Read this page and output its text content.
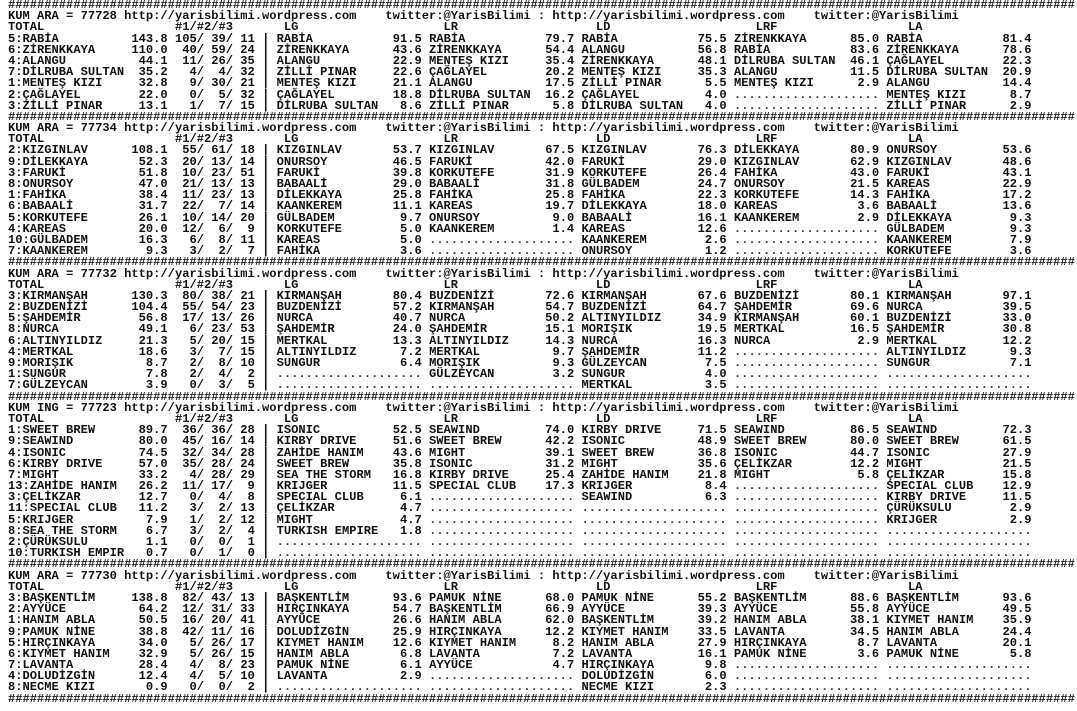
###################################################################################################################################################
KUM ARA = 77728 http://yarisbilimi.wordpress.com twitter:@YarisBilimi : http://yarisbilimi.wordpress.com twitter:@YarisBilimi
TOTAL	#1/#2/#3	LG	LR	LD	LRF	LA
5:RABİA	143.8 105/ 39/ 11 | RABİA	91.5 RABİA	79.7 RABİA	75.5 ZİRENKKAYA	85.0 RABİA	81.4
6:ZİRENKKAYA	110.0 40/ 59/ 24 | ZİRENKKAYA	43.6 ZİRENKKAYA	54.4 ALANGU	56.8 RABİA	83.6 ZİRENKKAYA	78.6
4:ALANGU	44.1 11/ 26/ 35 | ALANGU	22.9 MENTEŞ KIZI	35.4 ZİRENKKAYA	48.1 DİLRUBA SULTAN 46.1 ÇAĞLAYEL	22.3
7:DİLRUBA SULTAN 35.2 4/ 4/ 32 | ZİLLİ PINAR	22.6 ÇAĞLAYEL	20.2 MENTEŞ KIZI	35.3 ALANGU	11.5 DİLRUBA SULTAN 20.9
1:MENTEŞ KIZI	32.8 9/ 30/ 21 | MENTEŞ KIZI	21.1 ALANGU	17.5 ZİLLİ PINAR	5.5 MENTEŞ KIZI	2.9 ALANGU	14.4
2:ÇAĞLAYEL	22.0 0/ 5/ 32 | ÇAĞLAYEL	18.8 DİLRUBA SULTAN 16.2 ÇAĞLAYEL	4.0 .................... MENTEŞ KIZI	8.7
3:ZİLLİ PINAR	13.1 1/ 7/ 15 | DİLRUBA SULTAN 8.6 ZİLLİ PINAR	5.8 DİLRUBA SULTAN 4.0 .................... ZİLLİ PINAR	2.9
###################################################################################################################################################
KUM ARA = 77734 http://yarisbilimi.wordpress.com twitter:@YarisBilimi : http://yarisbilimi.wordpress.com twitter:@YarisBilimi
TOTAL	#1/#2/#3	LG	LR	LD	LRF	LA
2:KIZGINLAV	108.1 55/ 61/ 18 | KIZGINLAV	53.7 KIZGINLAV	67.5 KIZGINLAV	76.3 DİLEKKAYA	80.9 ONURSOY	53.6
9:DİLEKKAYA	52.3 20/ 13/ 14 | ONURSOY	46.5 FARUKİ	42.0 FARUKİ	29.0 KIZGINLAV	62.9 KIZGINLAV	48.6
3:FARUKİ	51.8 10/ 23/ 51 | FARUKİ	39.8 KORKUTEFE	31.9 KORKUTEFE	26.4 FAHİKA	43.0 FARUKİ	43.1
8:ONURSOY	47.0 21/ 13/ 13 | BABAALİ	29.0 BABAALİ	31.8 GÜLBADEM	24.7 ONURSOY	21.5 KAREAS	22.9
1:FAHİKA	38.4 11/ 23/ 13 | DİLEKKAYA	25.8 FAHİKA	25.8 FAHİKA	22.3 KORKUTEFE	14.3 FAHİKA	17.2
6:BABAALİ	31.7 22/ 7/ 14 | KAANKEREM	11.1 KAREAS	19.7 DİLEKKAYA	18.0 KAREAS	3.6 BABAALİ	13.6
5:KORKUTEFE	26.1 10/ 14/ 20 | GÜLBADEM	9.7 ONURSOY	9.0 BABAALİ	16.1 KAANKEREM	2.9 DİLEKKAYA	9.3
4:KAREAS	20.0 12/ 6/ 9 | KORKUTEFE	5.0 KAANKEREM	1.4 KAREAS	12.6 .................... GÜLBADEM	9.3
10:GÜLBADEM	16.3 6/ 8/ 11 | KAREAS	5.0 .................... KAANKEREM	2.6 .................... KAANKEREM	7.9
7:KAANKEREM	9.3 3/ 2/ 7 | FAHİKA	3.6 .................... ONURSOY	1.2 .................... KORKUTEFE	3.6
###################################################################################################################################################
KUM ARA = 77732 http://yarisbilimi.wordpress.com twitter:@YarisBilimi : http://yarisbilimi.wordpress.com twitter:@YarisBilimi
TOTAL	#1/#2/#3	LG	LR	LD	LRF	LA
3:KIRMANŞAH	130.3 80/ 38/ 21 | KIRMANŞAH	80.4 BUZDENİZİ	72.6 KIRMANŞAH	67.6 BUZDENİZİ	80.1 KIRMANŞAH	97.1
2:BUZDENİZİ	104.4 55/ 54/ 23 | BUZDENİZİ	57.2 KIRMANŞAH	54.7 BUZDENİZİ	64.7 ŞAHDEMİR	69.6 NURCA	39.5
5:ŞAHDEMİR	56.8 17/ 13/ 26 | NURCA	40.7 NURCA	50.2 ALTINYILDIZ	34.9 KIRMANŞAH	60.1 BUZDENİZİ	33.0
8:NURCA	49.1 6/ 23/ 53 | ŞAHDEMİR	24.0 ŞAHDEMİR	15.1 MORIŞIK	19.5 MERTKAL	16.5 ŞAHDEMİR	30.8
6:ALTINYILDIZ	21.3 5/ 20/ 15 | MERTKAL	13.3 ALTINYILDIZ	14.3 NURCA	16.3 NURCA	2.9 MERTKAL	12.2
4:MERTKAL	18.6 3/ 7/ 15 | ALTINYILDIZ	7.2 MERTKAL	9.7 ŞAHDEMİR	11.2 .................... ALTINYILDIZ	9.3
9:MORIŞIK	8.7 2/ 8/ 10 | SUNGUR	6.4 MORIŞIK	9.3 GÜLZEYCAN	7.5 .................... SUNGUR	7.1
1:SUNGUR	7.8 2/ 4/ 2 | .................... GÜLZEYCAN	3.2 SUNGUR	4.0 .................... ....................
7:GÜLZEYCAN	3.9 0/ 3/ 5 | .................... .................... MERTKAL	3.5 .................... ....................
###################################################################################################################################################
KUM ING = 77723 http://yarisbilimi.wordpress.com twitter:@YarisBilimi : http://yarisbilimi.wordpress.com twitter:@YarisBilimi
TOTAL	#1/#2/#3	LG	LR	LD	LRF	LA
1:SWEET BREW	89.7 36/ 36/ 28 | ISONIC	52.5 SEAWIND	74.0 KIRBY DRIVE	71.5 SEAWIND	86.5 SEAWIND	72.3
9:SEAWIND	80.0 45/ 16/ 14 | KIRBY DRIVE	51.6 SWEET BREW	42.2 ISONIC	48.9 SWEET BREW	80.0 SWEET BREW	61.5
4:ISONIC	74.5 32/ 34/ 28 | ZAHİDE HANIM 43.6 MIGHT	39.1 SWEET BREW	36.8 ISONIC	44.7 ISONIC	27.9
6:KIRBY DRIVE	57.0 35/ 28/ 24 | SWEET BREW	35.8 ISONIC	31.2 MIGHT	35.6 ÇELİKZAR	12.2 MIGHT	21.5
7:MIGHT	33.2 4/ 28/ 29 | SEA THE STORM 16.8 KIRBY DRIVE	25.4 ZAHİDE HANIM 21.8 MIGHT	5.8 ÇELİKZAR	15.8
13:ZAHİDE HANIM 26.2 11/ 17/ 9 | KRIJGER	11.5 SPECIAL CLUB 17.3 KRIJGER	8.4 .................... SPECIAL CLUB 12.9
3:ÇELİKZAR	12.7 0/ 4/ 8 | SPECIAL CLUB	6.1 .................... SEAWIND	6.3 .................... KIRBY DRIVE	11.5
11:SPECIAL CLUB 11.2 3/ 2/ 13 | ÇELİKZAR	4.7 .................... .................... .................... ÇÜRÜKSULU	2.9
5:KRIJGER	7.9 1/ 2/ 12 | MIGHT	4.7 .................... .................... .................... KRIJGER	2.9
8:SEA THE STORM 6.7 3/ 2/ 4 | TURKISH EMPIRE 1.8 .................... .................... .................... ....................
2:ÇÜRÜKSULU	1.1 0/ 0/ 1 | .................... .................... .................... .................... ....................
10:TURKISH EMPIR 0.7 0/ 1/ 0 | .................... .................... .................... .................... ....................
###################################################################################################################################################
KUM ARA = 77730 http://yarisbilimi.wordpress.com twitter:@YarisBilimi : http://yarisbilimi.wordpress.com twitter:@YarisBilimi
TOTAL	#1/#2/#3	LG	LR	LD	LRF	LA
3:BAŞKENTLİM	138.8 82/ 43/ 13 | BAŞKENTLİM	93.6 PAMUK NİNE	68.0 PAMUK NİNE	55.2 BAŞKENTLİM	88.6 BAŞKENTLİM	93.6
2:AYYÜCE	64.2 12/ 31/ 33 | HIRÇINKAYA	54.7 BAŞKENTLİM	66.9 AYYÜCE	39.3 AYYÜCE	55.8 AYYÜCE	49.5
1:HANIM ABLA	50.5 16/ 20/ 41 | AYYÜCE	26.6 HANIM ABLA	62.0 BAŞKENTLİM	39.2 HANIM ABLA	38.1 KIYMET HANIM 35.9
9:PAMUK NİNE	38.8 42/ 11/ 16 | DOLUDİZGİN	25.9 HIRÇINKAYA	12.2 KIYMET HANIM 33.5 LAVANTA	34.5 HANIM ABLA	24.4
5:HIRÇINKAYA	34.0 5/ 26/ 17 | KIYMET HANIM 12.6 KIYMET HANIM	8.2 HANIM ABLA	27.9 HIRÇINKAYA	8.7 LAVANTA	20.1
6:KIYMET HANIM 32.9 5/ 26/ 15 | HANIM ABLA	6.8 LAVANTA	7.2 LAVANTA	16.1 PAMUK NİNE	3.6 PAMUK NİNE	5.8
7:LAVANTA	28.4 4/ 8/ 23 | PAMUK NİNE	6.1 AYYÜCE	4.7 HIRÇINKAYA	9.8 .................... ....................
4:DOLUDİZGİN	12.4 4/ 5/ 10 | LAVANTA	2.9 .................... DOLUDİZGİN	6.0 .................... ....................
8:NECME KIZI	0.9 0/ 0/ 2 | .................... .................... NECME KIZI	2.3 .................... ....................
###################################################################################################################################################
